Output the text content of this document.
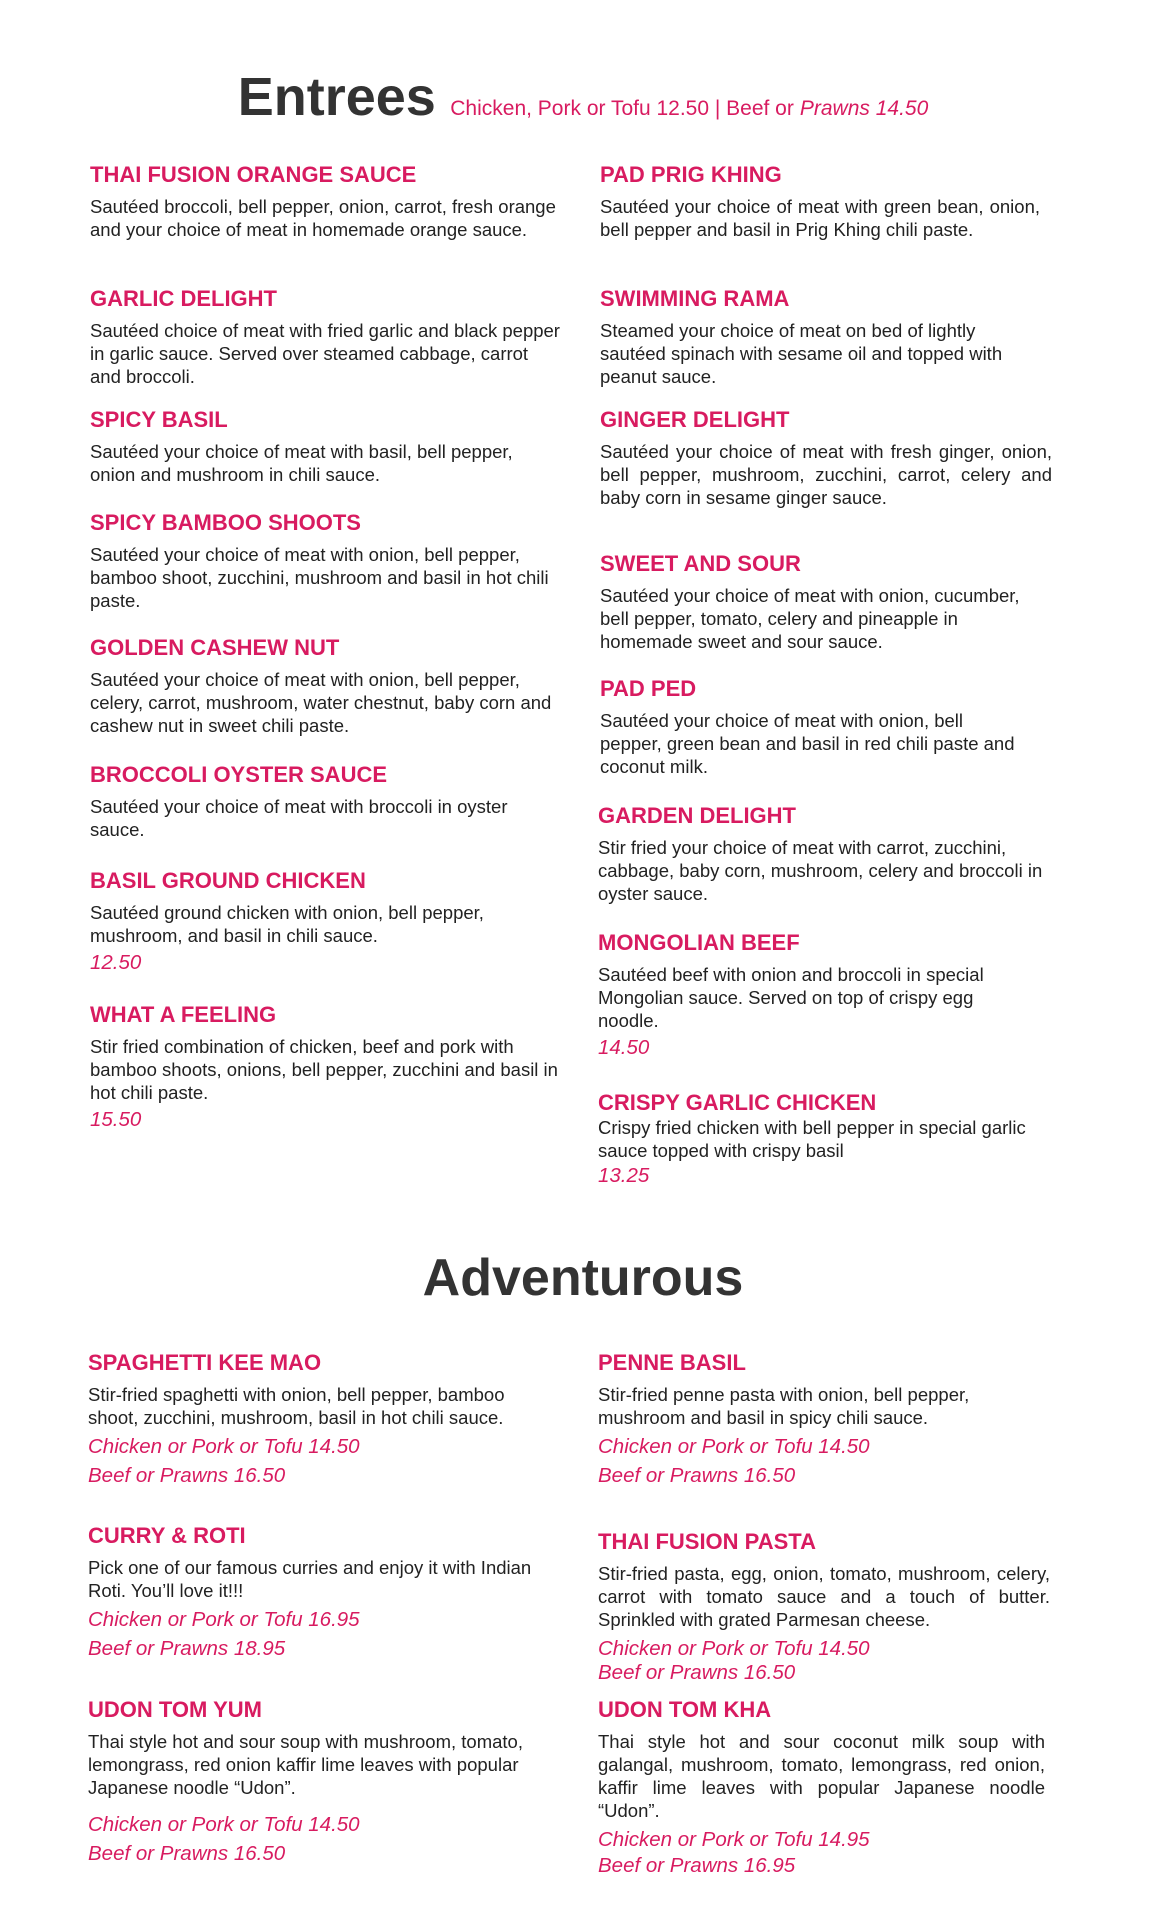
Entrees Chicken, Pork or Tofu 12.50 | Beef or Prawns 14.50
THAI FUSION ORANGE SAUCE

Sautéed broccoli, bell pepper, onion, carrot, fresh orange and your choice of meat in homemade orange sauce.

GARLIC DELIGHT

Sautéed choice of meat with fried garlic and black pepper in garlic sauce. Served over steamed cabbage, carrot and broccoli.

SPICY BASIL

Sautéed your choice of meat with basil, bell pepper, onion and mushroom in chili sauce.

SPICY BAMBOO SHOOTS

Sautéed your choice of meat with onion, bell pepper, bamboo shoot, zucchini, mushroom and basil in hot chili paste.

GOLDEN CASHEW NUT

Sautéed your choice of meat with onion, bell pepper, celery, carrot, mushroom, water chestnut, baby corn and cashew nut in sweet chili paste.

BROCCOLI OYSTER SAUCE

Sautéed your choice of meat with broccoli in oyster sauce.

BASIL GROUND CHICKEN

Sautéed ground chicken with onion, bell pepper, mushroom, and basil in chili sauce.

12.50
WHAT A FEELING

Stir fried combination of chicken, beef and pork with bamboo shoots, onions, bell pepper, zucchini and basil in hot chili paste.

15.50
PAD PRIG KHING

Sautéed your choice of meat with green bean, onion, bell pepper and basil in Prig Khing chili paste.

SWIMMING RAMA

Steamed your choice of meat on bed of lightly sautéed spinach with sesame oil and topped with peanut sauce.

GINGER DELIGHT

Sautéed your choice of meat with fresh ginger, onion, bell pepper, mushroom, zucchini, carrot, celery and baby corn in sesame ginger sauce.

SWEET AND SOUR

Sautéed your choice of meat with onion, cucumber, bell pepper, tomato, celery and pineapple in homemade sweet and sour sauce.

PAD PED

Sautéed your choice of meat with onion, bell pepper, green bean and basil in red chili paste and coconut milk.

GARDEN DELIGHT

Stir fried your choice of meat with carrot, zucchini, cabbage, baby corn, mushroom, celery and broccoli in oyster sauce.

MONGOLIAN BEEF

Sautéed beef with onion and broccoli in special Mongolian sauce. Served on top of crispy egg noodle.

14.50
CRISPY GARLIC CHICKEN

Crispy fried chicken with bell pepper in special garlic sauce topped with crispy basil

13.25
Adventurous
SPAGHETTI KEE MAO

Stir-fried spaghetti with onion, bell pepper, bamboo shoot, zucchini, mushroom, basil in hot chili sauce.

Chicken or Pork or Tofu 14.50
Beef or Prawns 16.50
CURRY & ROTI

Pick one of our famous curries and enjoy it with Indian Roti. You’ll love it!!!

Chicken or Pork or Tofu 16.95
Beef or Prawns 18.95
UDON TOM YUM

Thai style hot and sour soup with mushroom, tomato, lemongrass, red onion kaffir lime leaves with popular Japanese noodle “Udon”.

Chicken or Pork or Tofu 14.50
Beef or Prawns 16.50
PENNE BASIL

Stir-fried penne pasta with onion, bell pepper, mushroom and basil in spicy chili sauce.

Chicken or Pork or Tofu 14.50
Beef or Prawns 16.50
THAI FUSION PASTA

Stir-fried pasta, egg, onion, tomato, mushroom, celery, carrot with tomato sauce and a touch of butter. Sprinkled with grated Parmesan cheese.

Chicken or Pork or Tofu 14.50
Beef or Prawns 16.50
UDON TOM KHA

Thai style hot and sour coconut milk soup with galangal, mushroom, tomato, lemongrass, red onion, kaffir lime leaves with popular Japanese noodle “Udon”.

Chicken or Pork or Tofu 14.95
Beef or Prawns 16.95
